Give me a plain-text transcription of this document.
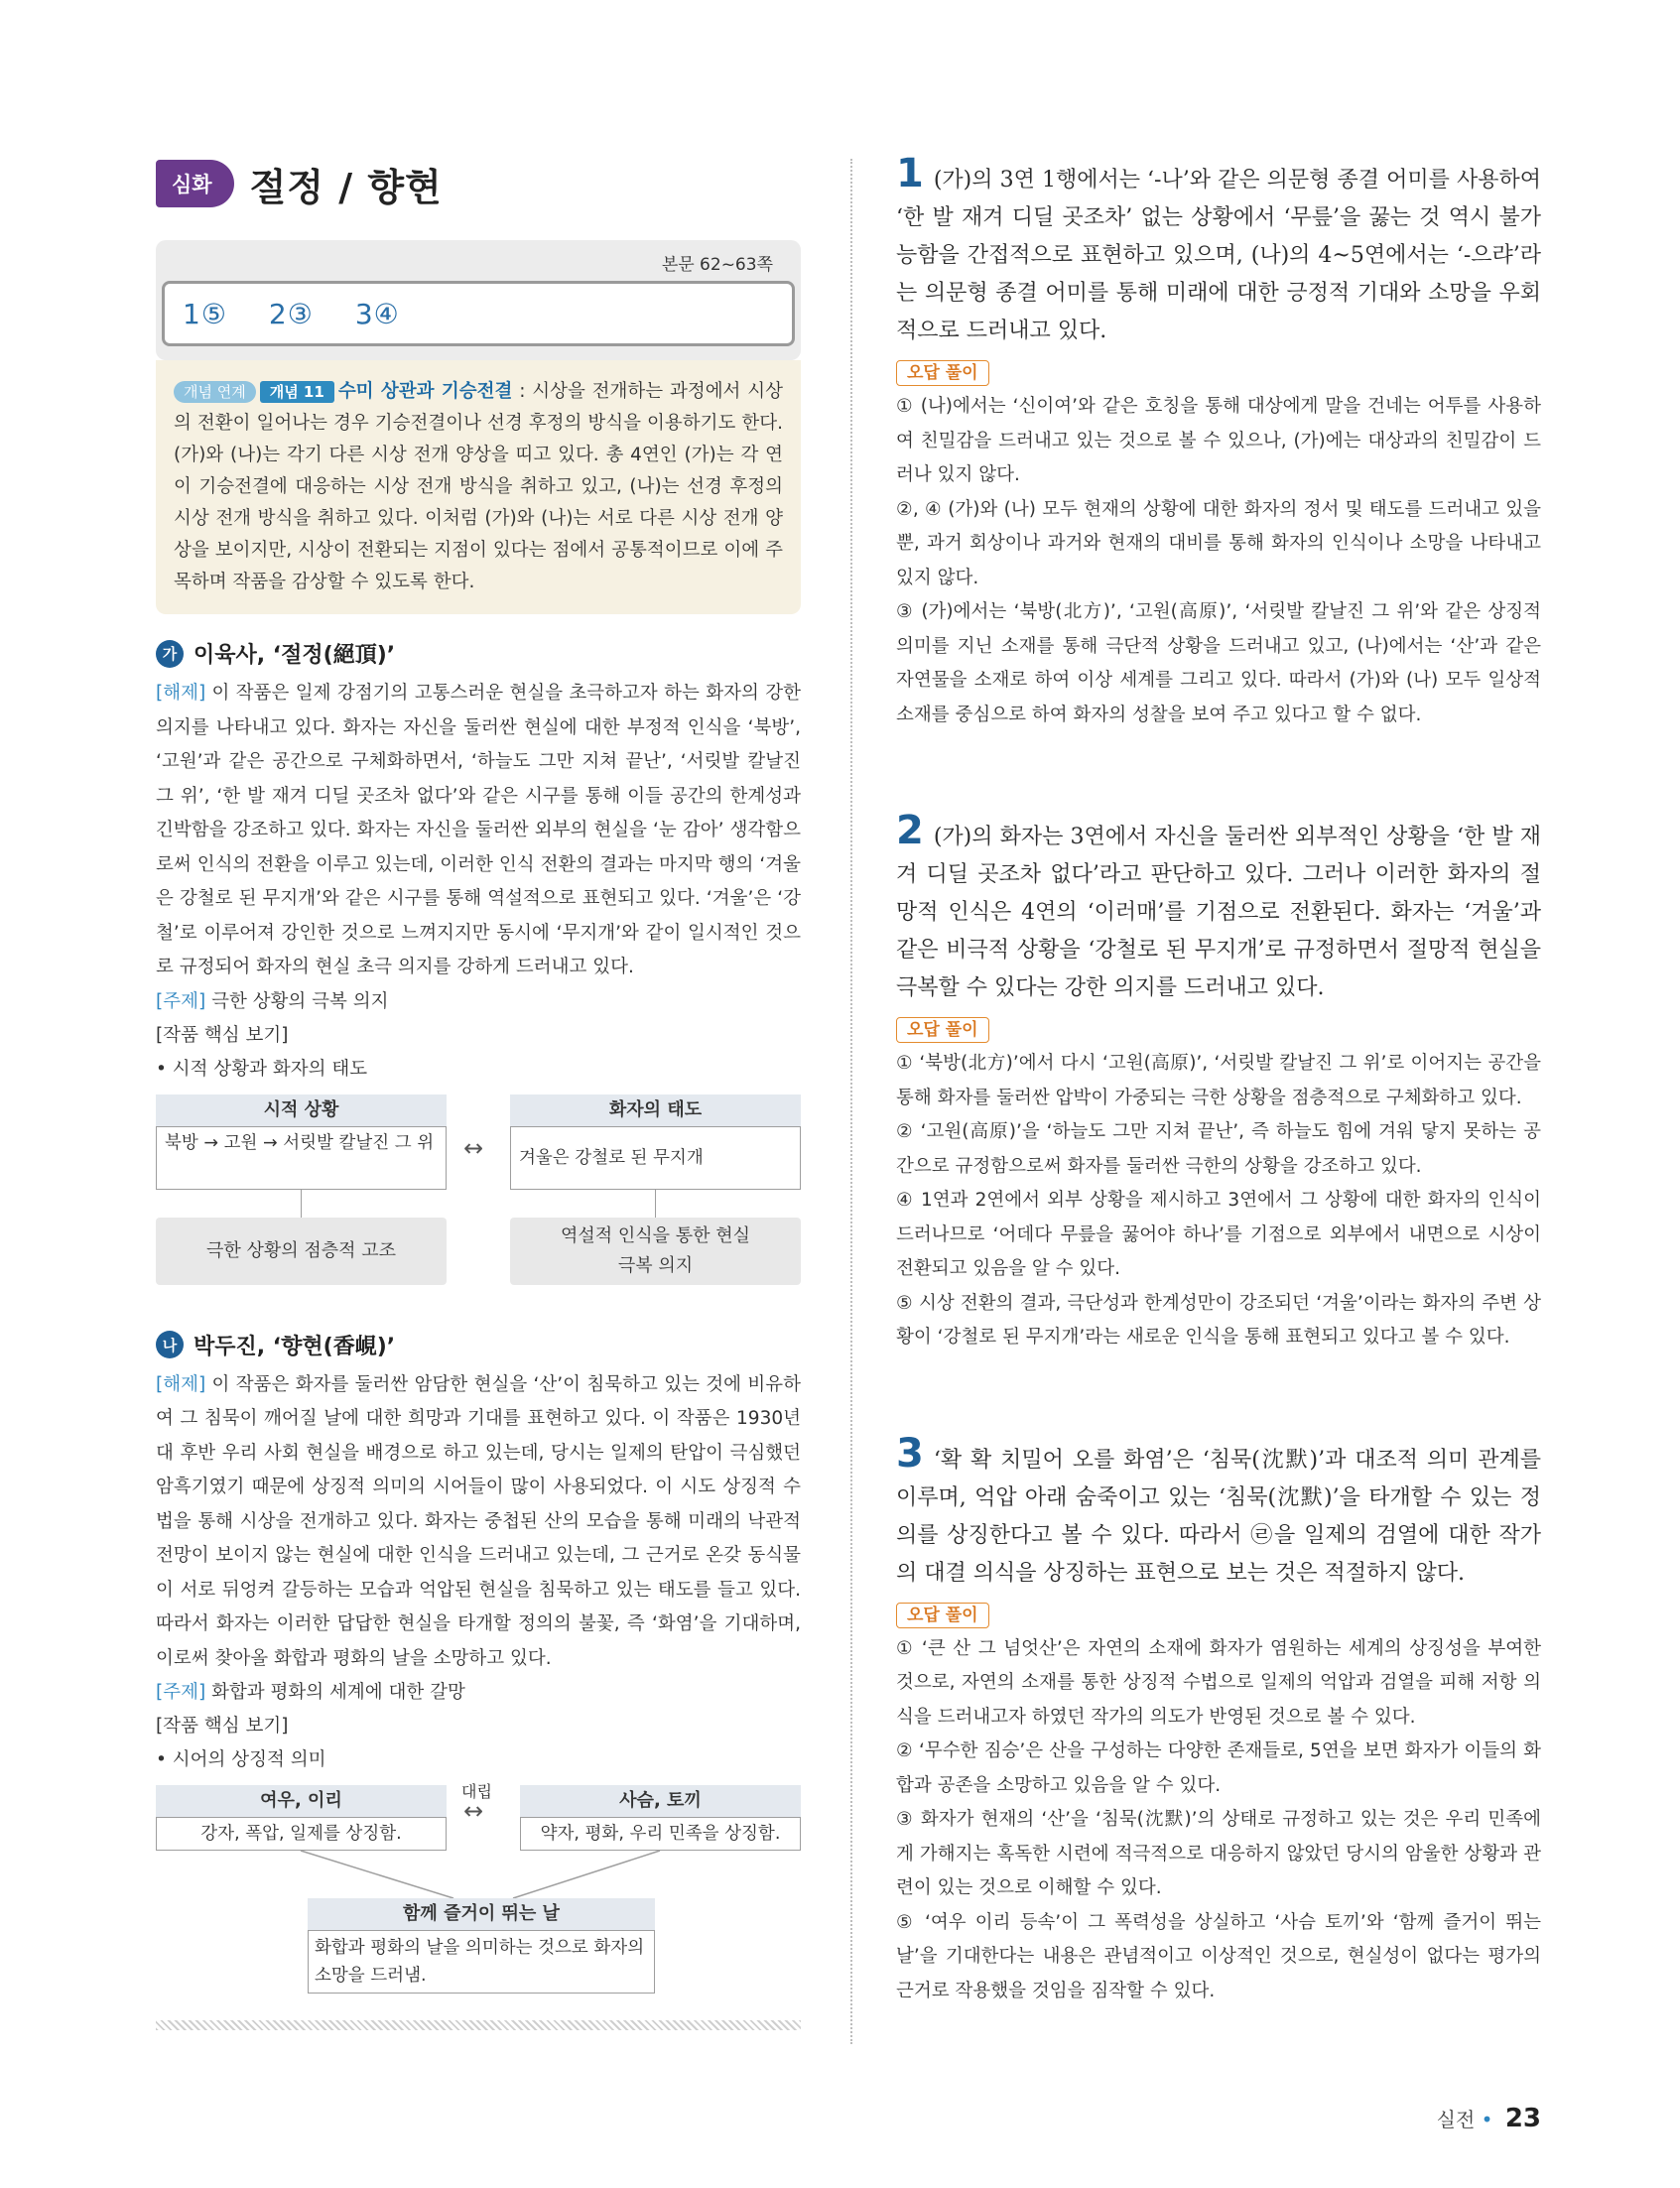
심화	절정 / 향현
본문 62~63쪽
1⑤ 2③ 3④
개념 연계 개념 11 수미 상관과 기승전결 : 시상을 전개하는 과정에서 시상의 전환이 일어나는 경우 기승전결이나 선경 후정의 방식을 이용하기도 한다. (가)와 (나)는 각기 다른 시상 전개 양상을 띠고 있다. 총 4연인 (가)는 각 연이 기승전결에 대응하는 시상 전개 방식을 취하고 있고, (나)는 선경 후정의 시상 전개 방식을 취하고 있다. 이처럼 (가)와 (나)는 서로 다른 시상 전개 양상을 보이지만, 시상이 전환되는 지점이 있다는 점에서 공통적이므로 이에 주목하며 작품을 감상할 수 있도록 한다.
가 이육사, ‘절정(絕頂)’
[해제] 이 작품은 일제 강점기의 고통스러운 현실을 초극하고자 하는 화자의 강한 의지를 나타내고 있다. 화자는 자신을 둘러싼 현실에 대한 부정적 인식을 ‘북방’, ‘고원’과 같은 공간으로 구체화하면서, ‘하늘도 그만 지쳐 끝난’, ‘서릿발 칼날진 그 위’, ‘한 발 재겨 디딜 곳조차 없다’와 같은 시구를 통해 이들 공간의 한계성과 긴박함을 강조하고 있다. 화자는 자신을 둘러싼 외부의 현실을 ‘눈 감아’ 생각함으로써 인식의 전환을 이루고 있는데, 이러한 인식 전환의 결과는 마지막 행의 ‘겨울은 강철로 된 무지개’와 같은 시구를 통해 역설적으로 표현되고 있다. ‘겨울’은 ‘강철’로 이루어져 강인한 것으로 느껴지지만 동시에 ‘무지개’와 같이 일시적인 것으로 규정되어 화자의 현실 초극 의지를 강하게 드러내고 있다.
[주제] 극한 상황의 극복 의지
[작품 핵심 보기]
• 시적 상황과 화자의 태도
시적 상황
북방 → 고원 → 서릿발 칼날진 그 위	↔
화자의 태도
겨울은 강철로 된 무지개
극한 상황의 점층적 고조
역설적 인식을 통한 현실 극복 의지
나 박두진, ‘향현(香峴)’
[해제] 이 작품은 화자를 둘러싼 암담한 현실을 ‘산’이 침묵하고 있는 것에 비유하여 그 침묵이 깨어질 날에 대한 희망과 기대를 표현하고 있다. 이 작품은 1930년대 후반 우리 사회 현실을 배경으로 하고 있는데, 당시는 일제의 탄압이 극심했던 암흑기였기 때문에 상징적 의미의 시어들이 많이 사용되었다. 이 시도 상징적 수법을 통해 시상을 전개하고 있다. 화자는 중첩된 산의 모습을 통해 미래의 낙관적 전망이 보이지 않는 현실에 대한 인식을 드러내고 있는데, 그 근거로 온갖 동식물이 서로 뒤엉켜 갈등하는 모습과 억압된 현실을 침묵하고 있는 태도를 들고 있다. 따라서 화자는 이러한 답답한 현실을 타개할 정의의 불꽃, 즉 ‘화염’을 기대하며, 이로써 찾아올 화합과 평화의 날을 소망하고 있다.
[주제] 화합과 평화의 세계에 대한 갈망
[작품 핵심 보기]
• 시어의 상징적 의미
여우, 이리
강자, 폭압, 일제를 상징함.
대립
↔	사슴, 토끼
약자, 평화, 우리 민족을 상징함.
함께 즐거이 뛰는 날
화합과 평화의 날을 의미하는 것으로 화자의 소망을 드러냄.
1 (가)의 3연 1행에서는 ‘-나’와 같은 의문형 종결 어미를 사용하여 ‘한 발 재겨 디딜 곳조차’ 없는 상황에서 ‘무릎’을 꿇는 것 역시 불가능함을 간접적으로 표현하고 있으며, (나)의 4~5연에서는 ‘-으랴’라는 의문형 종결 어미를 통해 미래에 대한 긍정적 기대와 소망을 우회적으로 드러내고 있다.
오답 풀이
① (나)에서는 ‘신이여’와 같은 호칭을 통해 대상에게 말을 건네는 어투를 사용하여 친밀감을 드러내고 있는 것으로 볼 수 있으나, (가)에는 대상과의 친밀감이 드러나 있지 않다.
②, ④ (가)와 (나) 모두 현재의 상황에 대한 화자의 정서 및 태도를 드러내고 있을 뿐, 과거 회상이나 과거와 현재의 대비를 통해 화자의 인식이나 소망을 나타내고 있지 않다.
③ (가)에서는 ‘북방(北方)’, ‘고원(高原)’, ‘서릿발 칼날진 그 위’와 같은 상징적 의미를 지닌 소재를 통해 극단적 상황을 드러내고 있고, (나)에서는 ‘산’과 같은 자연물을 소재로 하여 이상 세계를 그리고 있다. 따라서 (가)와 (나) 모두 일상적 소재를 중심으로 하여 화자의 성찰을 보여 주고 있다고 할 수 없다.
2 (가)의 화자는 3연에서 자신을 둘러싼 외부적인 상황을 ‘한 발 재겨 디딜 곳조차 없다’라고 판단하고 있다. 그러나 이러한 화자의 절망적 인식은 4연의 ‘이러매’를 기점으로 전환된다. 화자는 ‘겨울’과 같은 비극적 상황을 ‘강철로 된 무지개’로 규정하면서 절망적 현실을 극복할 수 있다는 강한 의지를 드러내고 있다.
오답 풀이
① ‘북방(北方)’에서 다시 ‘고원(高原)’, ‘서릿발 칼날진 그 위’로 이어지는 공간을 통해 화자를 둘러싼 압박이 가중되는 극한 상황을 점층적으로 구체화하고 있다.
② ‘고원(高原)’을 ‘하늘도 그만 지쳐 끝난’, 즉 하늘도 힘에 겨워 닿지 못하는 공간으로 규정함으로써 화자를 둘러싼 극한의 상황을 강조하고 있다.
④ 1연과 2연에서 외부 상황을 제시하고 3연에서 그 상황에 대한 화자의 인식이 드러나므로 ‘어데다 무릎을 꿇어야 하나’를 기점으로 외부에서 내면으로 시상이 전환되고 있음을 알 수 있다.
⑤ 시상 전환의 결과, 극단성과 한계성만이 강조되던 ‘겨울’이라는 화자의 주변 상황이 ‘강철로 된 무지개’라는 새로운 인식을 통해 표현되고 있다고 볼 수 있다.
3 ‘확 확 치밀어 오를 화염’은 ‘침묵(沈默)’과 대조적 의미 관계를 이루며, 억압 아래 숨죽이고 있는 ‘침묵(沈默)’을 타개할 수 있는 정의를 상징한다고 볼 수 있다. 따라서 ㉣을 일제의 검열에 대한 작가의 대결 의식을 상징하는 표현으로 보는 것은 적절하지 않다.
오답 풀이
① ‘큰 산 그 넘엇산’은 자연의 소재에 화자가 염원하는 세계의 상징성을 부여한 것으로, 자연의 소재를 통한 상징적 수법으로 일제의 억압과 검열을 피해 저항 의식을 드러내고자 하였던 작가의 의도가 반영된 것으로 볼 수 있다.
② ‘무수한 짐승’은 산을 구성하는 다양한 존재들로, 5연을 보면 화자가 이들의 화합과 공존을 소망하고 있음을 알 수 있다.
③ 화자가 현재의 ‘산’을 ‘침묵(沈默)’의 상태로 규정하고 있는 것은 우리 민족에게 가해지는 혹독한 시련에 적극적으로 대응하지 않았던 당시의 암울한 상황과 관련이 있는 것으로 이해할 수 있다.
⑤ ‘여우 이리 등속’이 그 폭력성을 상실하고 ‘사슴 토끼’와 ‘함께 즐거이 뛰는 날’을 기대한다는 내용은 관념적이고 이상적인 것으로, 현실성이 없다는 평가의 근거로 작용했을 것임을 짐작할 수 있다.
실전 • 23
